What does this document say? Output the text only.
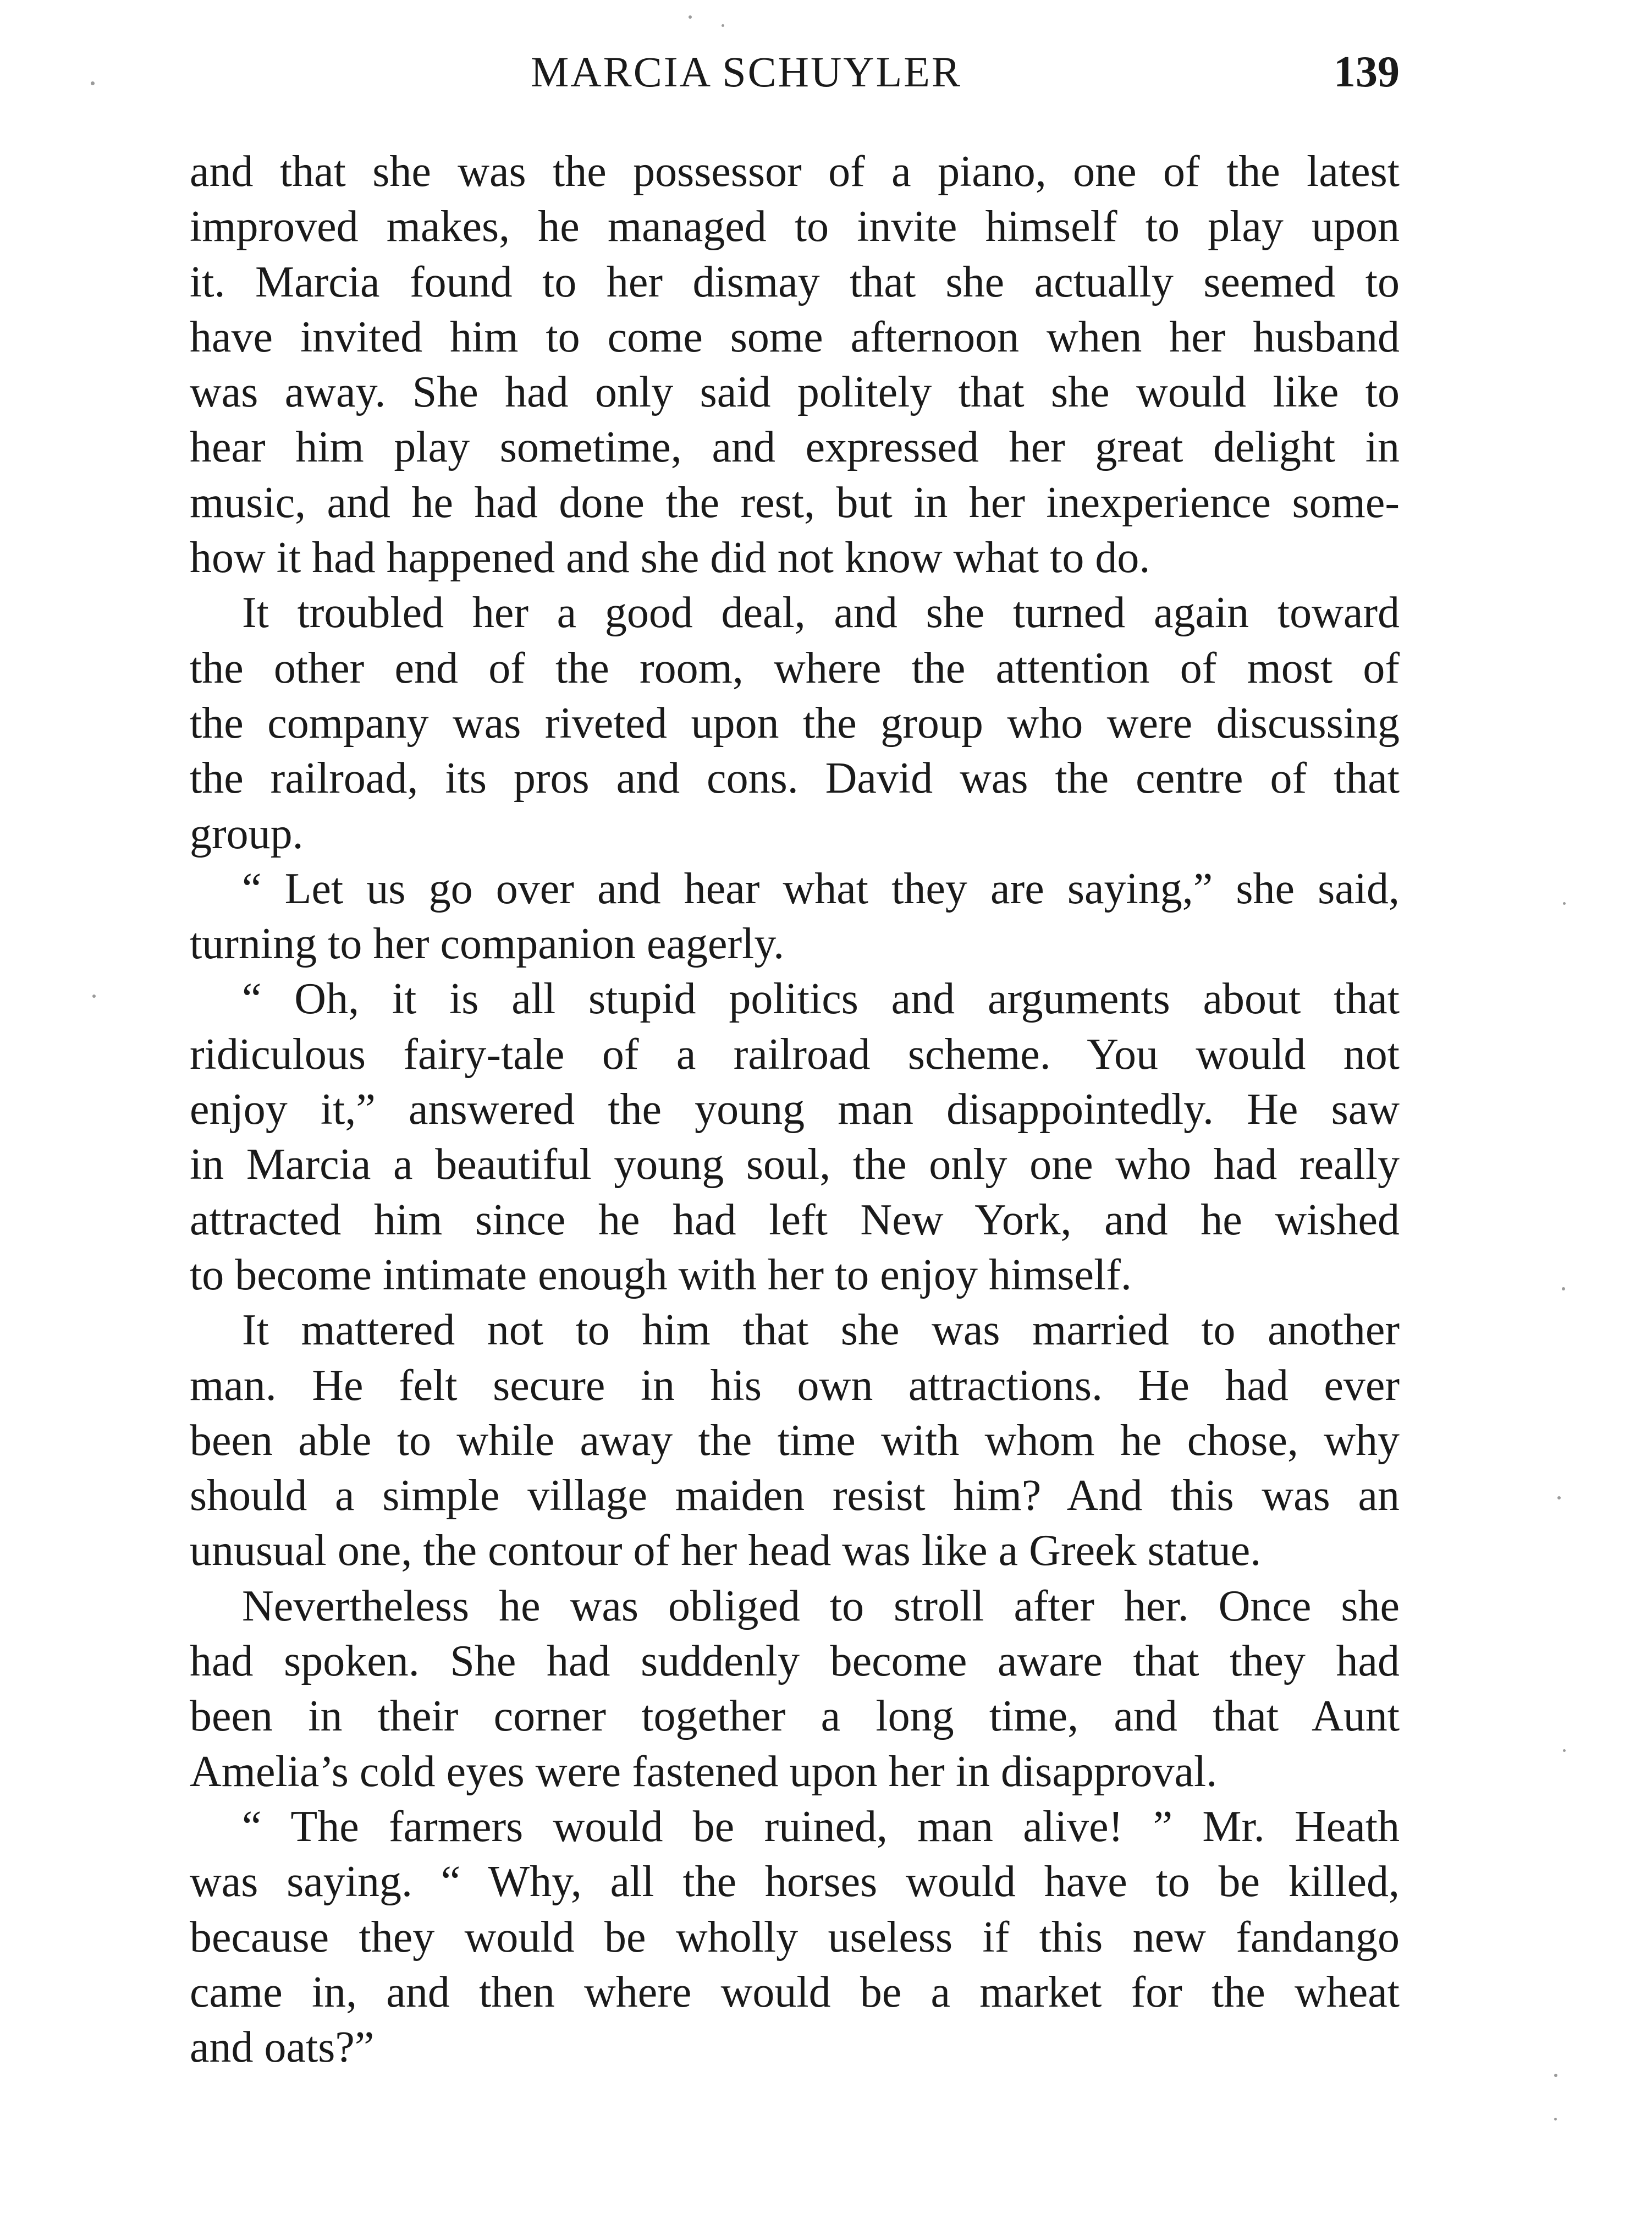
MARCIA SCHUYLER	139
and that she was the possessor of a piano, one of the latest
improved makes, he managed to invite himself to play upon
it. Marcia found to her dismay that she actually seemed to
have invited him to come some afternoon when her husband
was away. She had only said politely that she would like to
hear him play sometime, and expressed her great delight in
music, and he had done the rest, but in her inexperience some-
how it had happened and she did not know what to do.
It troubled her a good deal, and she turned again toward
the other end of the room, where the attention of most of
the company was riveted upon the group who were discussing
the railroad, its pros and cons. David was the centre of that
group.
“ Let us go over and hear what they are saying,” she said,
turning to her companion eagerly.
“ Oh, it is all stupid politics and arguments about that
ridiculous fairy-tale of a railroad scheme. You would not
enjoy it,” answered the young man disappointedly. He saw
in Marcia a beautiful young soul, the only one who had really
attracted him since he had left New York, and he wished
to become intimate enough with her to enjoy himself.
It mattered not to him that she was married to another
man. He felt secure in his own attractions. He had ever
been able to while away the time with whom he chose, why
should a simple village maiden resist him? And this was an
unusual one, the contour of her head was like a Greek statue.
Nevertheless he was obliged to stroll after her. Once she
had spoken. She had suddenly become aware that they had
been in their corner together a long time, and that Aunt
Amelia’s cold eyes were fastened upon her in disapproval.
“ The farmers would be ruined, man alive! ” Mr. Heath
was saying. “ Why, all the horses would have to be killed,
because they would be wholly useless if this new fandango
came in, and then where would be a market for the wheat
and oats?”
